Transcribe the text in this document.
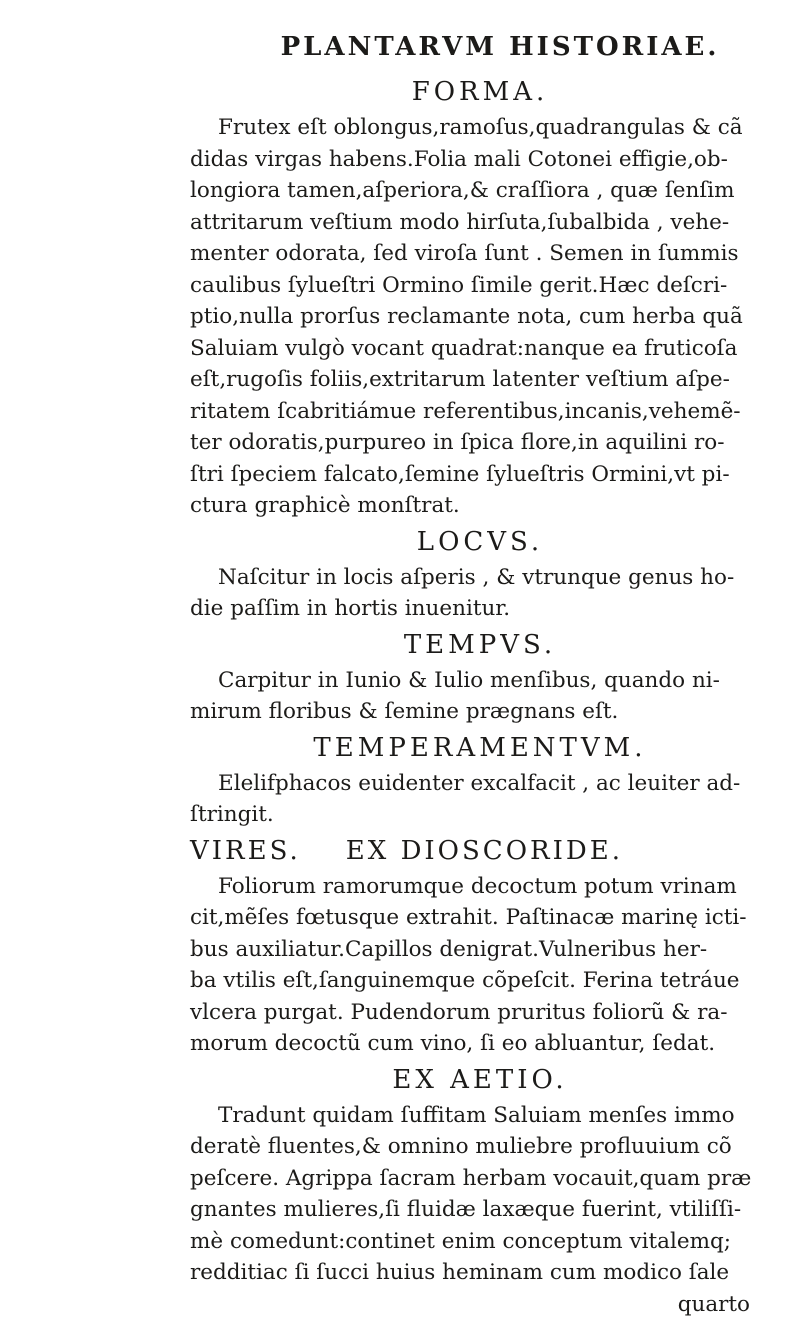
PLANTARVM HISTORIAE.
FORMA.
Frutex eſt oblongus,ramoſus,quadrangulas & cã
didas virgas habens.Folia mali Cotonei effigie,ob-
longiora tamen,aſperiora,& craſſiora , quæ ſenſim
attritarum veſtium modo hirſuta,ſubalbida , vehe-
menter odorata, ſed viroſa ſunt . Semen in ſummis
caulibus ſylueſtri Ormino ſimile gerit.Hæc deſcri-
ptio,nulla prorſus reclamante nota, cum herba quã
Saluiam vulgò vocant quadrat:nanque ea fruticoſa
eſt,rugoſis foliis,extritarum latenter veſtium aſpe-
ritatem ſcabritiámue referentibus,incanis,vehemẽ-
ter odoratis,purpureo in ſpica flore,in aquilini ro-
ſtri ſpeciem falcato,ſemine ſylueſtris Ormini,vt pi-
ctura graphicè monſtrat.
LOCVS.
Naſcitur in locis aſperis , & vtrunque genus ho-
die paſſim in hortis inuenitur.
TEMPVS.
Carpitur in Iunio & Iulio menſibus, quando ni-
mirum floribus & ſemine prægnans eſt.
TEMPERAMENTVM.
Elelifphacos euidenter excalfacit , ac leuiter ad-
ſtringit.
VIRES.    EX DIOSCORIDE.
Foliorum ramorumque decoctum potum vrinam
cit,mẽſes fœtusque extrahit. Paſtinacæ marinę icti-
bus auxiliatur.Capillos denigrat.Vulneribus her-
ba vtilis eſt,ſanguinemque cõpeſcit. Ferina tetráue
vlcera purgat. Pudendorum pruritus foliorũ & ra-
morum decoctũ cum vino, ſi eo abluantur, ſedat.
EX AETIO.
Tradunt quidam ſuffitam Saluiam menſes immo
deratè fluentes,& omnino muliebre profluuium cõ
peſcere. Agrippa ſacram herbam vocauit,quam præ
gnantes mulieres,ſi fluidæ laxæque fuerint, vtiliſſi-
mè comedunt:continet enim conceptum vitalemq;
redditiac ſi ſucci huius heminam cum modico ſale
quarto
